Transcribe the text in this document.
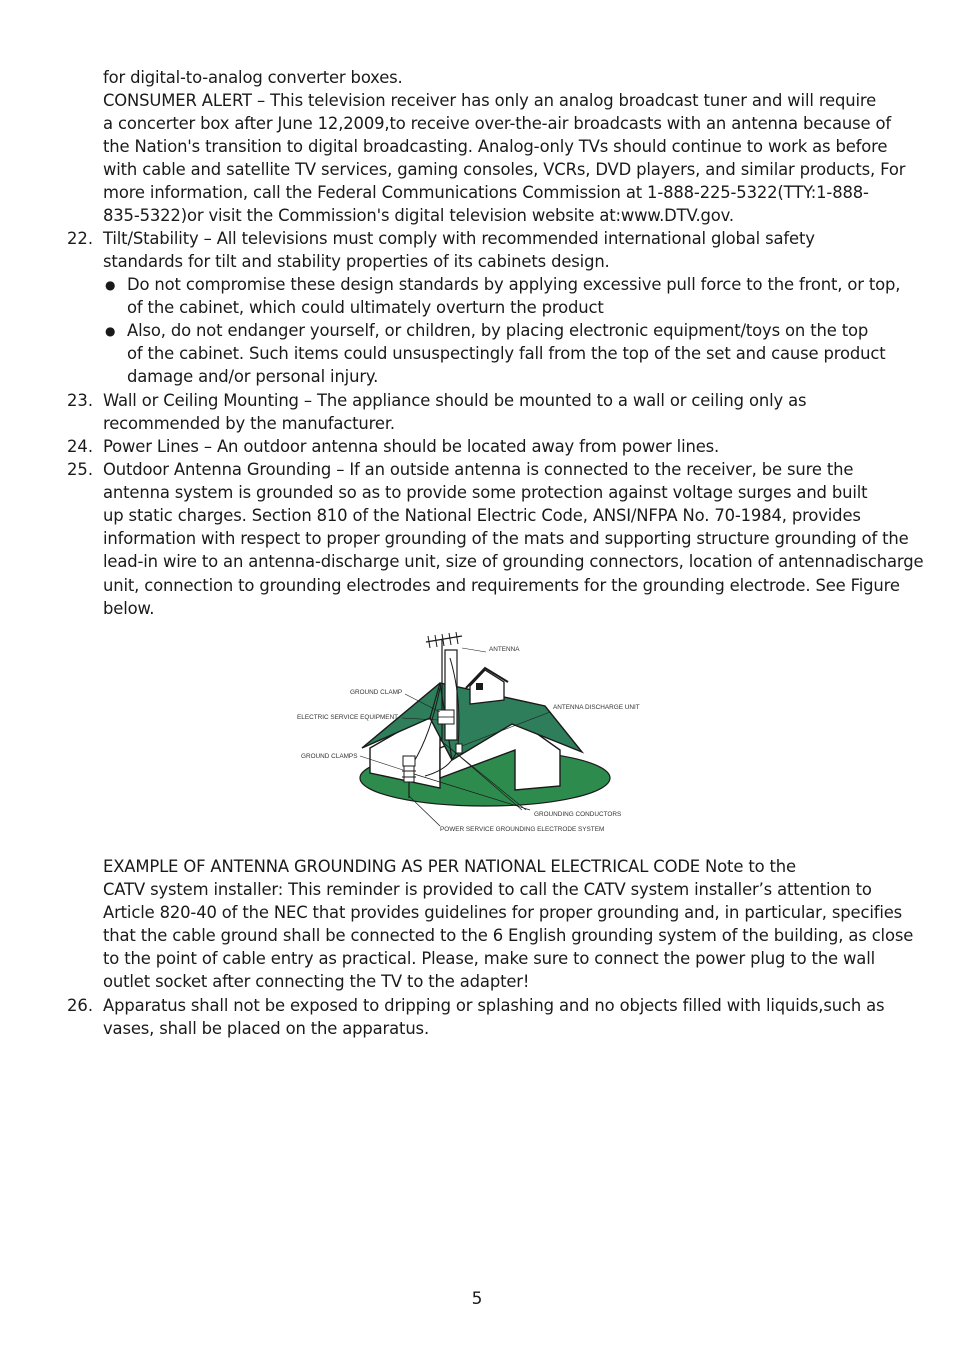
for digital-to-analog converter boxes.
CONSUMER ALERT – This television receiver has only an analog broadcast tuner and will require
a concerter box after June 12,2009,to receive over-the-air broadcasts with an antenna because of
the Nation's transition to digital broadcasting. Analog-only TVs should continue to work as before
with cable and satellite TV services, gaming consoles, VCRs, DVD players, and similar products, For
more information, call the Federal Communications Commission at 1-888-225-5322(TTY:1-888-
835-5322)or visit the Commission's digital television website at:www.DTV.gov.
22. Tilt/Stability – All televisions must comply with recommended international global safety
standards for tilt and stability properties of its cabinets design.
● Do not compromise these design standards by applying excessive pull force to the front, or top,
of the cabinet, which could ultimately overturn the product
● Also, do not endanger yourself, or children, by placing electronic equipment/toys on the top
of the cabinet. Such items could unsuspectingly fall from the top of the set and cause product
damage and/or personal injury.
23. Wall or Ceiling Mounting – The appliance should be mounted to a wall or ceiling only as
recommended by the manufacturer.
24. Power Lines – An outdoor antenna should be located away from power lines.
25. Outdoor Antenna Grounding – If an outside antenna is connected to the receiver, be sure the
antenna system is grounded so as to provide some protection against voltage surges and built
up static charges. Section 810 of the National Electric Code, ANSI/NFPA No. 70-1984, provides
information with respect to proper grounding of the mats and supporting structure grounding of the
lead-in wire to an antenna-discharge unit, size of grounding connectors, location of antennadischarge
unit, connection to grounding electrodes and requirements for the grounding electrode. See Figure
below.
ANTENNA
GROUND CLAMP
ELECTRIC SERVICE EQUIPMENT
ANTENNA DISCHARGE UNIT
GROUND CLAMPS
GROUNDING CONDUCTORS
POWER SERVICE GROUNDING ELECTRODE SYSTEM
EXAMPLE OF ANTENNA GROUNDING AS PER NATIONAL ELECTRICAL CODE Note to the
CATV system installer: This reminder is provided to call the CATV system installer’s attention to
Article 820-40 of the NEC that provides guidelines for proper grounding and, in particular, specifies
that the cable ground shall be connected to the 6 English grounding system of the building, as close
to the point of cable entry as practical. Please, make sure to connect the power plug to the wall
outlet socket after connecting the TV to the adapter!
26. Apparatus shall not be exposed to dripping or splashing and no objects filled with liquids,such as
vases, shall be placed on the apparatus.
5
